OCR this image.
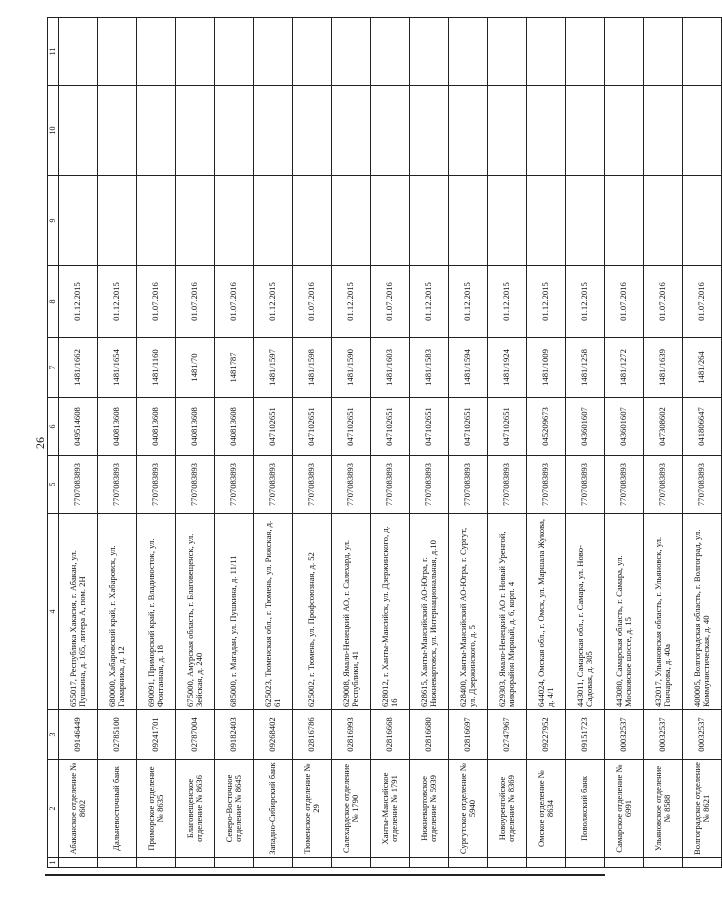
26
1	2	3	4	5	6	7	8	9	10	11
	Абаканское отделение № 8602	09146449	655017, Республика Хакасия, г. Абакан, ул. Пушкина, д. 165, литера А, пом. 2Н	7707083893	049514608	1481/1662	01.12.2015			
	Дальневосточный банк	02785100	680000, Хабаровский край, г. Хабаровск, ул. Гамарника, д. 12	7707083893	040813608	1481/1654	01.12.2015			
	Приморское отделение № 8635	09241701	690091, Приморский край, г. Владивосток, ул. Фонтанная, д. 18	7707083893	040813608	1481/1160	01.07.2016			
	Благовещенское отделение № 8636	02787004	675000, Амурская область, г. Благовещенск, ул. Зейская, д. 240	7707083893	040813608	1481/70	01.07.2016			
	Северо-Восточное отделение № 8645	09182403	685000, г. Магадан, ул. Пушкина, д. 11/11	7707083893	040813608	1481787	01.07.2016			
	Западно-Сибирский банк	09268402	625023, Тюменская обл., г. Тюмень, ул. Рижская, д. 61	7707083893	047102651	1481/1597	01.12.2015			
	Тюменское отделение № 29	02816786	625002, г. Тюмень, ул. Профсоюзная, д. 52	7707083893	047102651	1481/1598	01.07.2016			
	Салехардское отделение № 1790	02816993	629008, Ямало-Ненецкий АО, г. Салехард, ул. Республики, 41	7707083893	047102651	1481/1590	01.12.2015			
	Ханты-Мансийское отделение № 1791	02816668	628012, г. Ханты-Мансийск, ул. Дзержинского, д. 16	7707083893	047102651	1481/1603	01.07.2016			
	Нижневартовское отделение № 5939	02816680	628615, Ханты-Мансийский АО-Югра, г. Нижневартовск, ул. Интернациональная, д.10	7707083893	047102651	1481/1583	01.12.2015			
	Сургутское отделение № 5940	02816697	628400, Ханты-Мансийский АО-Югра, г. Сургут, ул. Дзержинского, д. 5	7707083893	047102651	1481/1594	01.12.2015			
	Новоуренгойское отделение № 8369	02747967	629303, Ямало-Ненецкий АО г. Новый Уренгой, микрорайон Мирный, д. 6, корп. 4	7707083893	047102651	1481/1924	01.12.2015			
	Омское отделение № 8634	09227952	644024, Омская обл., г. Омск, ул. Маршала Жукова, д. 4/1	7707083893	045209673	1481/1009	01.12.2015			
	Поволжский банк	09151723	443011, Самарская обл., г. Самара, ул. Ново-Садовая, д. 305	7707083893	043601607	1481/1258	01.12.2015			
	Самарское отделение № 6991	00032537	443080, Самарская область, г. Самара, ул. Московское шоссе, д. 15	7707083893	043601607	1481/1272	01.07.2016			
	Ульяновское отделение № 8588	00032537	432017, Ульяновская область, г. Ульяновск, ул. Гончарова, д. 40а	7707083893	047308602	1481/1639	01.07.2016			
	Волгоградское отделение № 8621	00032537	400005, Волгоградская область, г. Волгоград, ул. Коммунистическая, д. 40	7707083893	041806647	1481/264	01.07.2016			
